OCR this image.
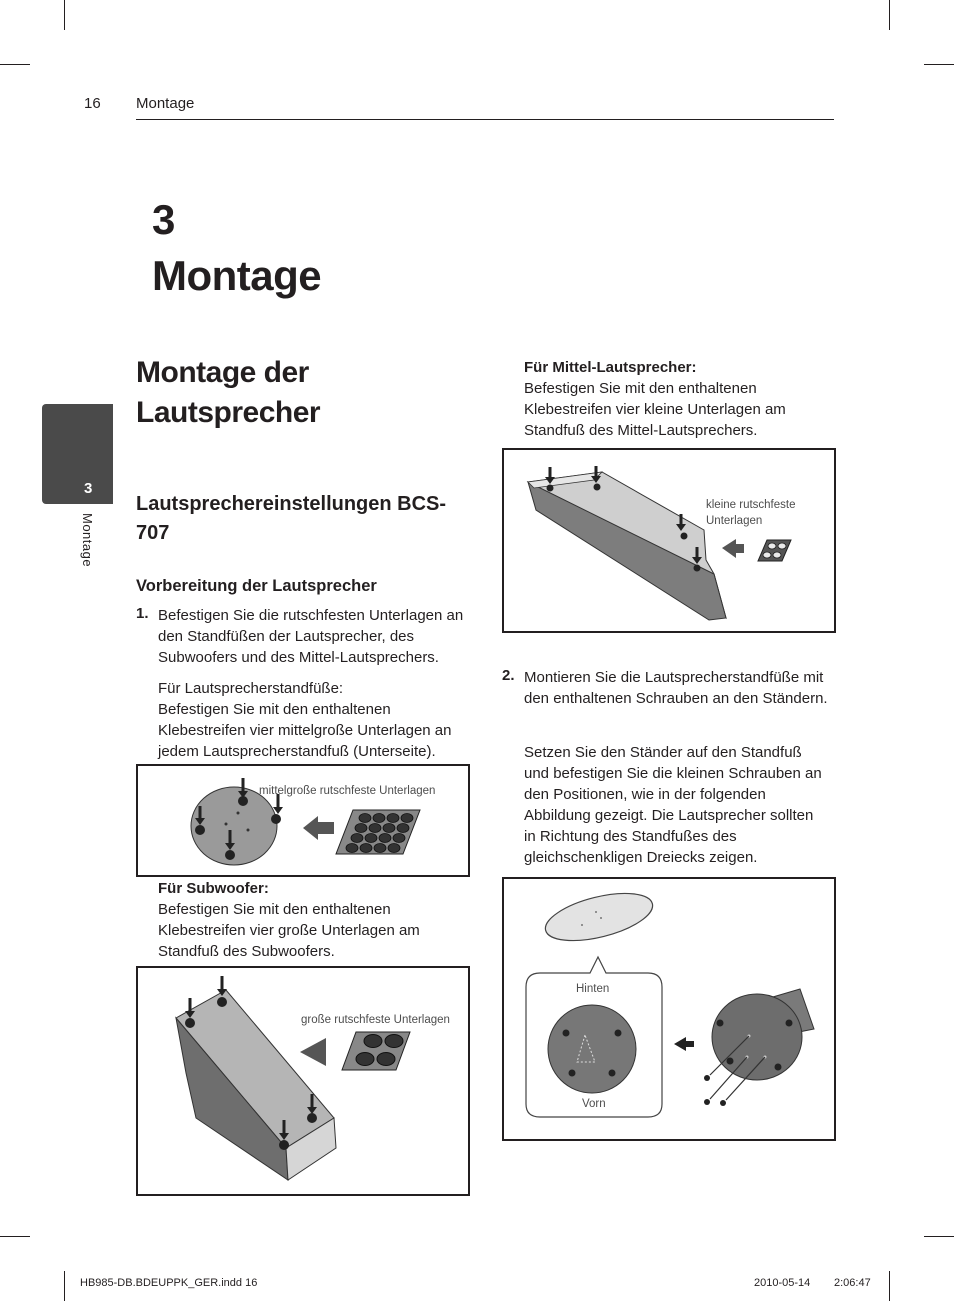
16 Montage
3
Montage
3
Montage
Montage der Lautsprecher
Lautsprechereinstellungen BCS-707
Vorbereitung der Lautsprecher
1. Befestigen Sie die rutschfesten Unterlagen an den Standfüßen der Lautsprecher, des Subwoofers und des Mittel-Lautsprechers.
Für Lautsprecherstandfüße:
Befestigen Sie mit den enthaltenen Klebestreifen vier mittelgroße Unterlagen an jedem Lautsprecherstandfuß (Unterseite).
mittelgroße rutschfeste Unterlagen
Für Subwoofer:
Befestigen Sie mit den enthaltenen Klebestreifen vier große Unterlagen am Standfuß des Subwoofers.
große rutschfeste Unterlagen
Für Mittel-Lautsprecher:
Befestigen Sie mit den enthaltenen Klebestreifen vier kleine Unterlagen am Standfuß des Mittel-Lautsprechers.
kleine rutschfeste
Unterlagen
2. Montieren Sie die Lautsprecherstandfüße mit den enthaltenen Schrauben an den Ständern.
Setzen Sie den Ständer auf den Standfuß und befestigen Sie die kleinen Schrauben an den Positionen, wie in der folgenden Abbildung gezeigt. Die Lautsprecher sollten in Richtung des Standfußes des gleichschenkligen Dreiecks zeigen.
Hinten
Vorn
HB985-DB.BDEUPPK_GER.indd 16	2010-05-14 2:06:47
